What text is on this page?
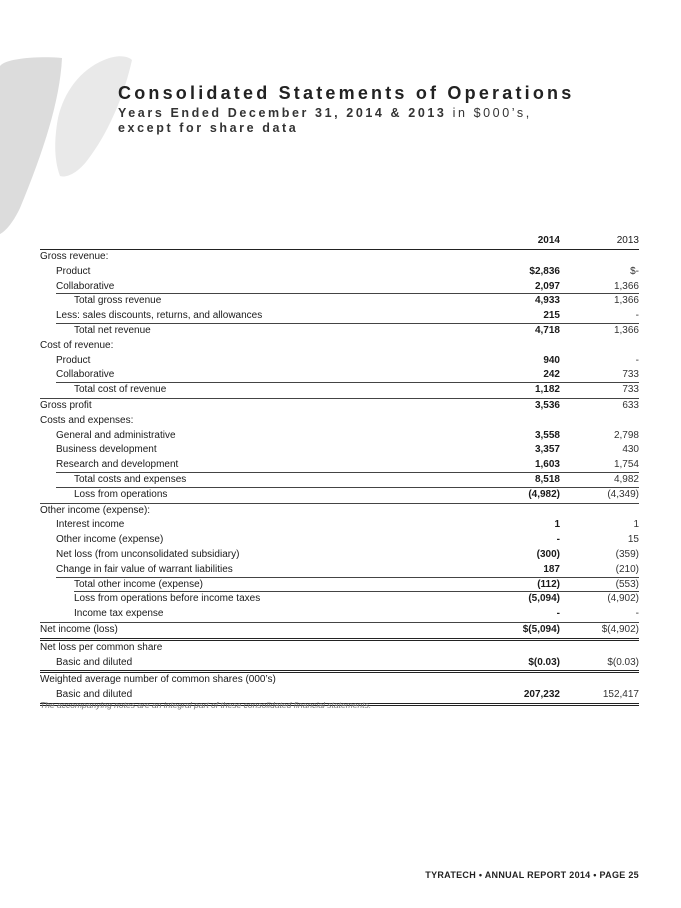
Consolidated Statements of Operations
Years Ended December 31, 2014 & 2013 in $000’s,
except for share data
2014	2013
Gross revenue:
Product	$2,836	$-
Collaborative	2,097	1,366
Total gross revenue	4,933	1,366
Less: sales discounts, returns, and allowances	215	-
Total net revenue	4,718	1,366
Cost of revenue:
Product	940	-
Collaborative	242	733
Total cost of revenue	1,182	733
Gross profit	3,536	633
Costs and expenses:
General and administrative	3,558	2,798
Business development	3,357	430
Research and development	1,603	1,754
Total costs and expenses	8,518	4,982
Loss from operations	(4,982)	(4,349)
Other income (expense):
Interest income	1	1
Other income (expense)	-	15
Net loss (from unconsolidated subsidiary)	(300)	(359)
Change in fair value of warrant liabilities	187	(210)
Total other income (expense)	(112)	(553)
Loss from operations before income taxes	(5,094)	(4,902)
Income tax expense	-	-
Net income (loss)	$(5,094)	$(4,902)
Net loss per common share
Basic and diluted	$(0.03)	$(0.03)
Weighted average number of common shares (000’s)
Basic and diluted	207,232	152,417
The accompanying notes are an integral part of these consolidated financial statements.
TYRATECH • ANNUAL REPORT 2014 • PAGE 25
